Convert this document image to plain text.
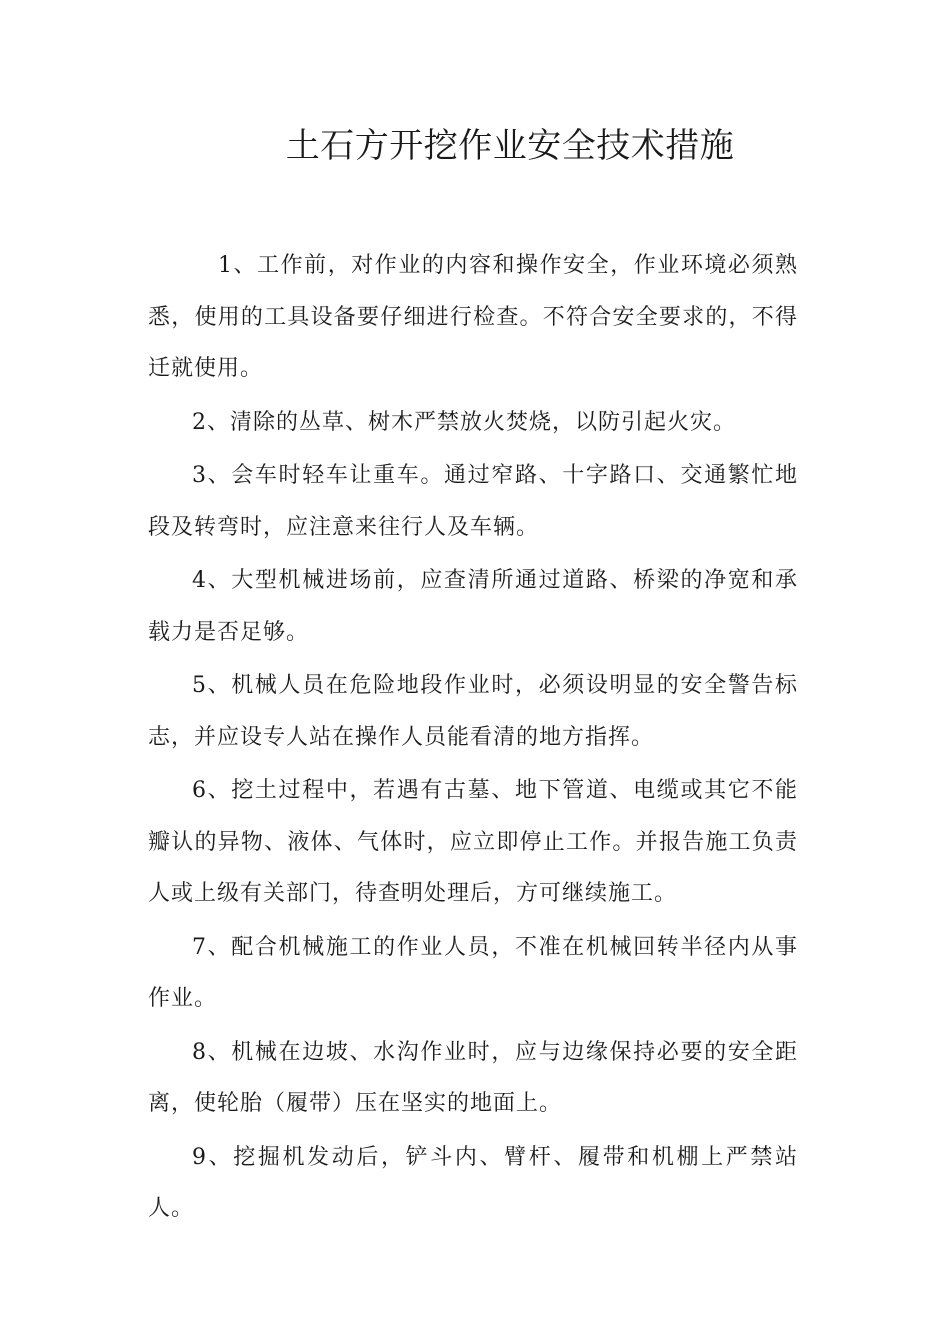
土石方开挖作业安全技术措施

1、工作前，对作业的内容和操作安全，作业环境必须熟悉，使用的工具设备要仔细进行检查。不符合安全要求的，不得迁就使用。

2、清除的丛草、树木严禁放火焚烧，以防引起火灾。

3、会车时轻车让重车。通过窄路、十字路口、交通繁忙地段及转弯时，应注意来往行人及车辆。

4、大型机械进场前，应查清所通过道路、桥梁的净宽和承载力是否足够。

5、机械人员在危险地段作业时，必须设明显的安全警告标志，并应设专人站在操作人员能看清的地方指挥。

6、挖土过程中，若遇有古墓、地下管道、电缆或其它不能瓣认的异物、液体、气体时，应立即停止工作。并报告施工负责人或上级有关部门，待查明处理后，方可继续施工。

7、配合机械施工的作业人员，不准在机械回转半径内从事作业。

8、机械在边坡、水沟作业时，应与边缘保持必要的安全距离，使轮胎（履带）压在坚实的地面上。

9、挖掘机发动后，铲斗内、臂杆、履带和机棚上严禁站人。
